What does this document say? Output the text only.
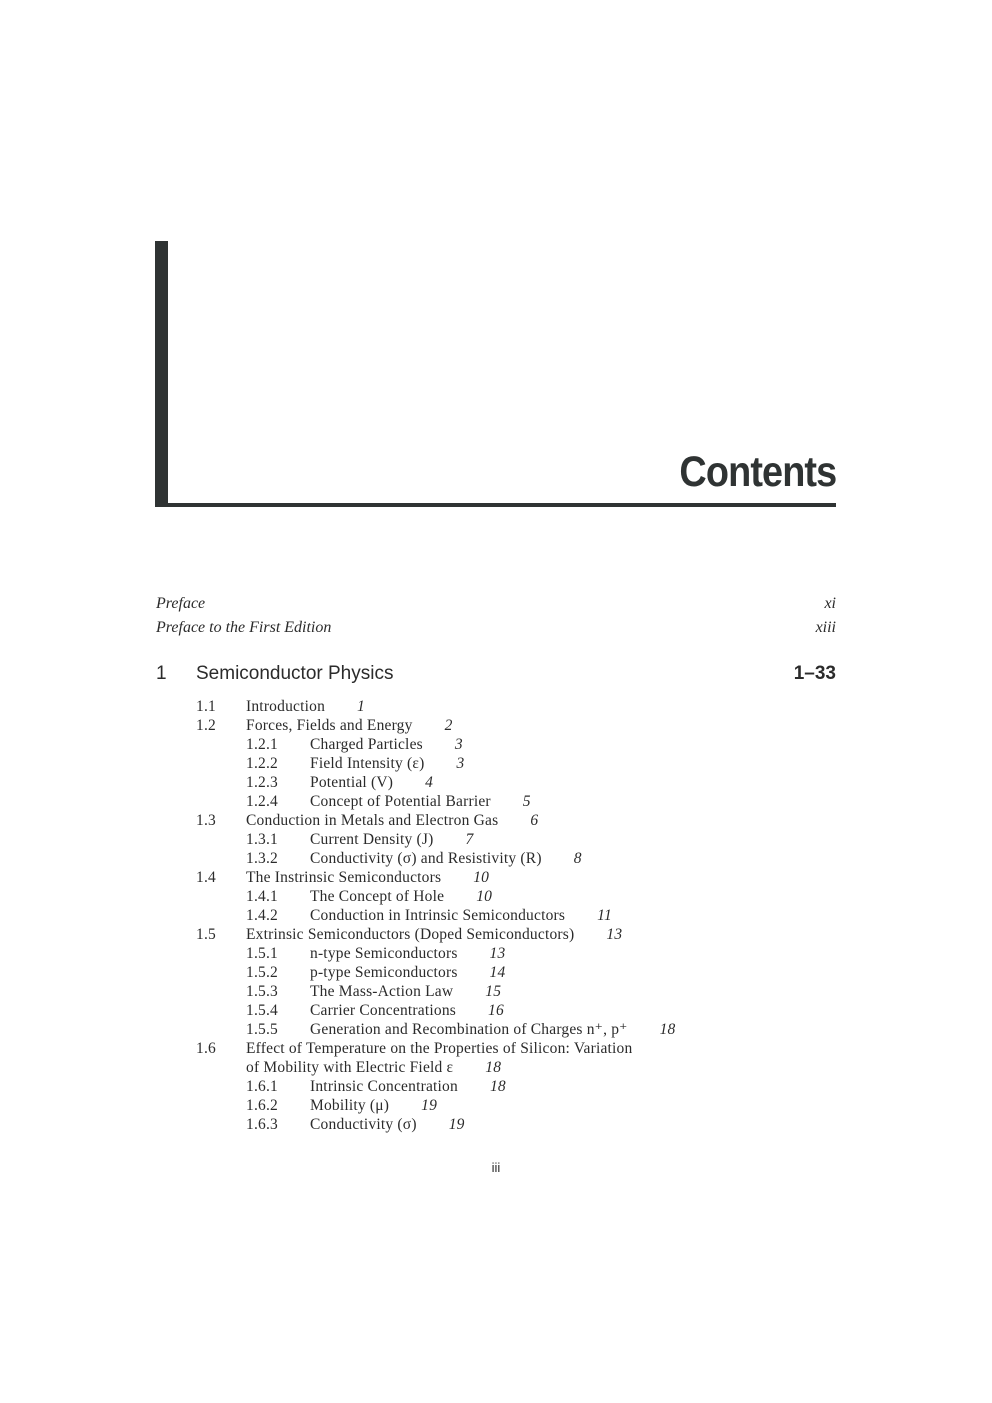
Contents
Preface	xi
Preface to the First Edition	xiii
1 Semiconductor Physics	1–33
1.1 Introduction 1
1.2 Forces, Fields and Energy 2
1.2.1 Charged Particles 3
1.2.2 Field Intensity (ε) 3
1.2.3 Potential (V) 4
1.2.4 Concept of Potential Barrier 5
1.3 Conduction in Metals and Electron Gas 6
1.3.1 Current Density (J) 7
1.3.2 Conductivity (σ) and Resistivity (R) 8
1.4 The Instrinsic Semiconductors 10
1.4.1 The Concept of Hole 10
1.4.2 Conduction in Intrinsic Semiconductors 11
1.5 Extrinsic Semiconductors (Doped Semiconductors) 13
1.5.1 n-type Semiconductors 13
1.5.2 p-type Semiconductors 14
1.5.3 The Mass-Action Law 15
1.5.4 Carrier Concentrations 16
1.5.5 Generation and Recombination of Charges n⁺, p⁺ 18
1.6 Effect of Temperature on the Properties of Silicon: Variation
of Mobility with Electric Field ε 18
1.6.1 Intrinsic Concentration 18
1.6.2 Mobility (μ) 19
1.6.3 Conductivity (σ) 19
iii
